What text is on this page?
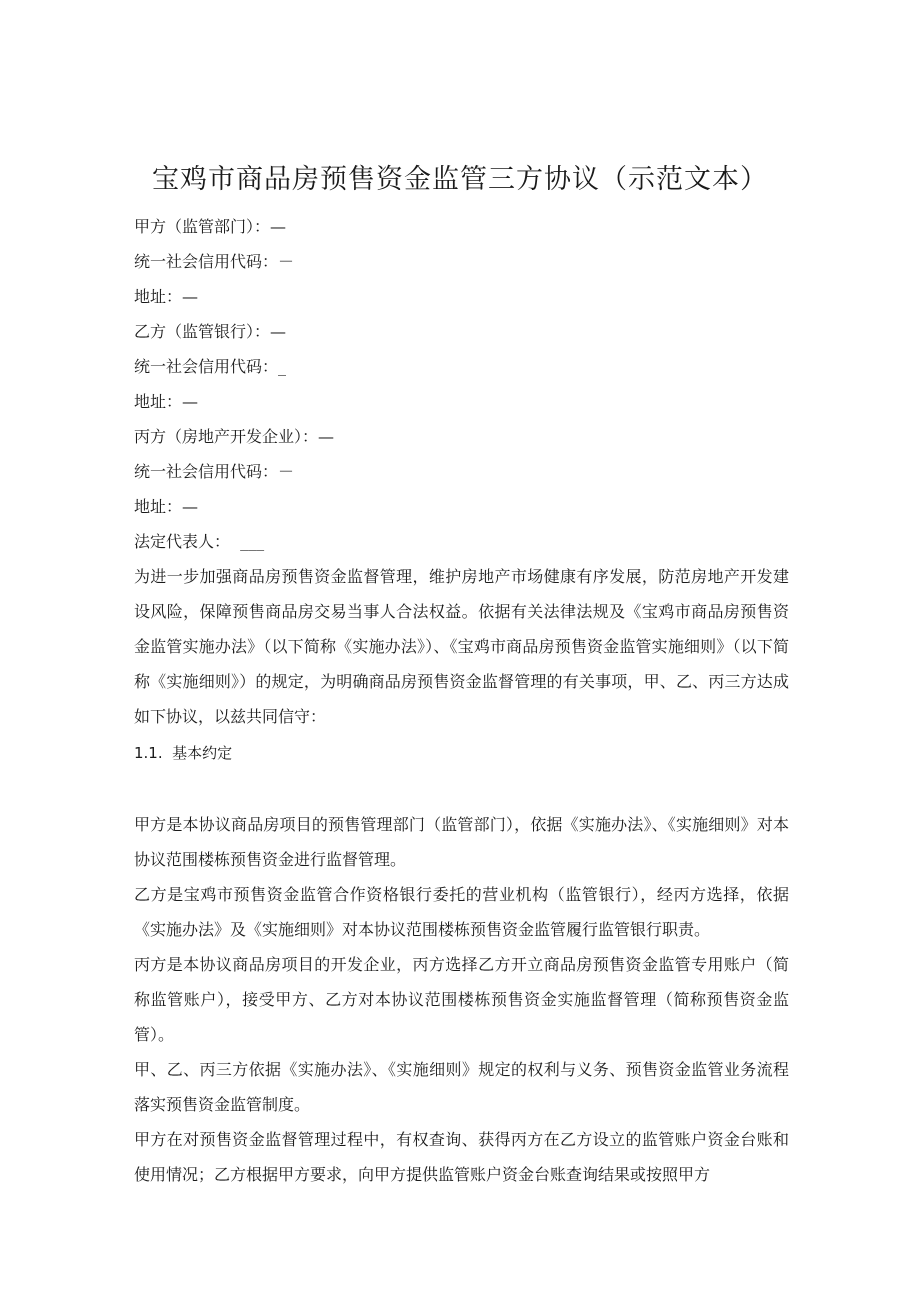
宝鸡市商品房预售资金监管三方协议（示范文本）
甲方（监管部门）：—
统一社会信用代码：－
地址：—
乙方（监管银行）：—
统一社会信用代码：_
地址：—
丙方（房地产开发企业）：—
统一社会信用代码：－
地址：—
法定代表人：  ___

为进一步加强商品房预售资金监督管理，维护房地产市场健康有序发展，防范房地产开发建设风险，保障预售商品房交易当事人合法权益。依据有关法律法规及《宝鸡市商品房预售资金监管实施办法》（以下简称《实施办法》）、《宝鸡市商品房预售资金监管实施细则》（以下简称《实施细则》）的规定，为明确商品房预售资金监督管理的有关事项，甲、乙、丙三方达成如下协议，以兹共同信守：

1.1.  基本约定

甲方是本协议商品房项目的预售管理部门（监管部门），依据《实施办法》、《实施细则》对本协议范围楼栋预售资金进行监督管理。

乙方是宝鸡市预售资金监管合作资格银行委托的营业机构（监管银行），经丙方选择，依据《实施办法》及《实施细则》对本协议范围楼栋预售资金监管履行监管银行职责。

丙方是本协议商品房项目的开发企业，丙方选择乙方开立商品房预售资金监管专用账户（简称监管账户），接受甲方、乙方对本协议范围楼栋预售资金实施监督管理（简称预售资金监管）。

甲、乙、丙三方依据《实施办法》、《实施细则》规定的权利与义务、预售资金监管业务流程落实预售资金监管制度。

甲方在对预售资金监督管理过程中，有权查询、获得丙方在乙方设立的监管账户资金台账和使用情况；乙方根据甲方要求，向甲方提供监管账户资金台账查询结果或按照甲方
